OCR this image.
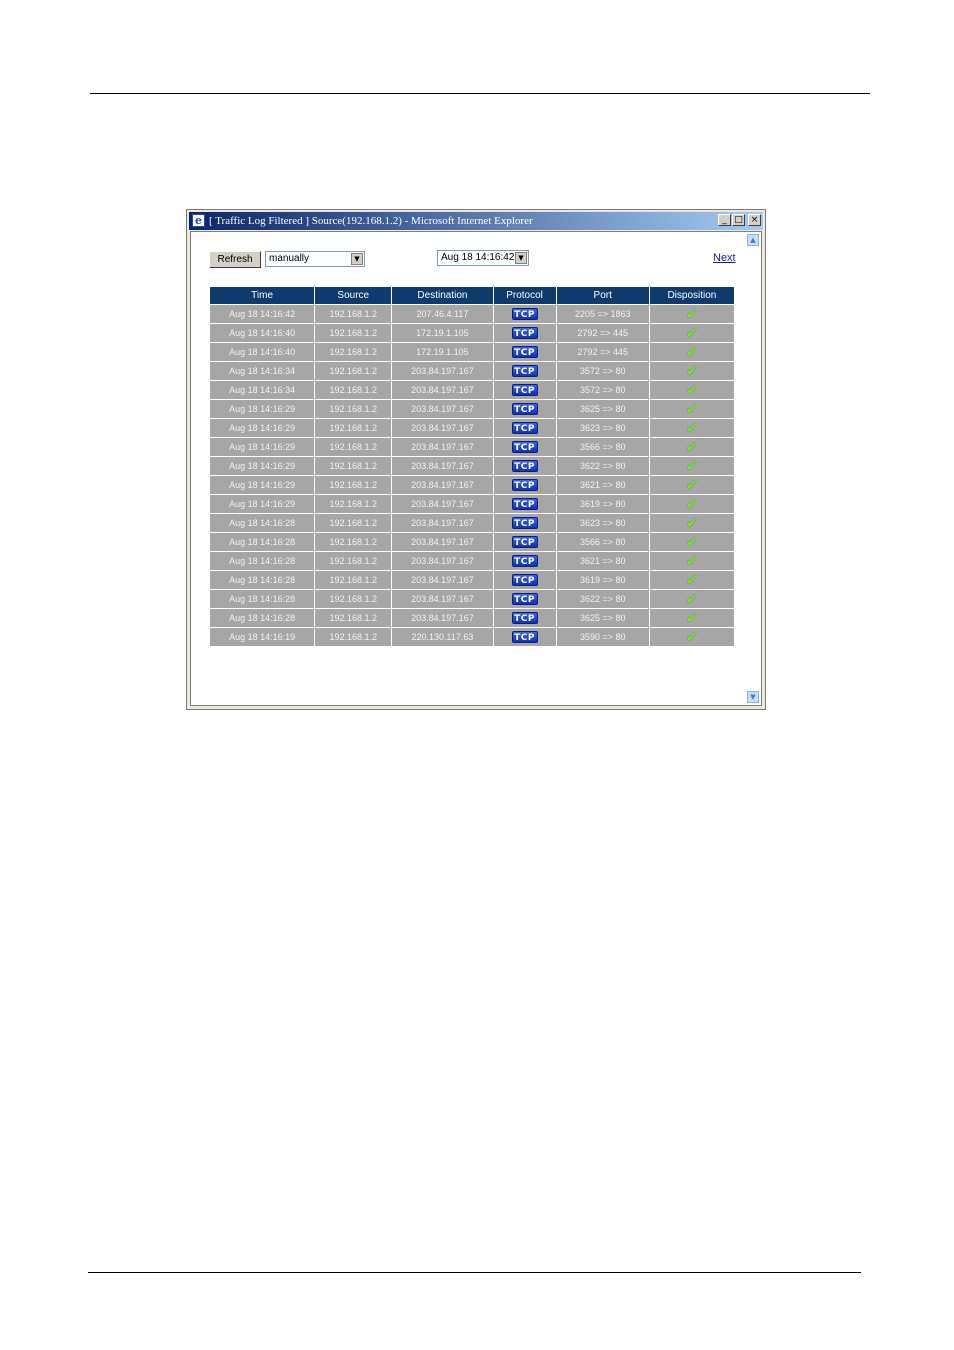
e [ Traffic Log Filtered ] Source(192.168.1.2) - Microsoft Internet Explorer	_ □ ×
Refresh	manually	▼	Aug 18 14:16:42 ▼	Next
Time	Source	Destination	Protocol	Port	Disposition
Aug 18 14:16:42	192.168.1.2	207.46.4.117	TCP	2205 => 1863	✔
Aug 18 14:16:40	192.168.1.2	172.19.1.105	TCP	2792 => 445	✔
Aug 18 14:16:40	192.168.1.2	172.19.1.105	TCP	2792 => 445	✔
Aug 18 14:16:34	192.168.1.2	203.84.197.167	TCP	3572 => 80	✔
Aug 18 14:16:34	192.168.1.2	203.84.197.167	TCP	3572 => 80	✔
Aug 18 14:16:29	192.168.1.2	203.84.197.167	TCP	3625 => 80	✔
Aug 18 14:16:29	192.168.1.2	203.84.197.167	TCP	3623 => 80	✔
Aug 18 14:16:29	192.168.1.2	203.84.197.167	TCP	3566 => 80	✔
Aug 18 14:16:29	192.168.1.2	203.84.197.167	TCP	3622 => 80	✔
Aug 18 14:16:29	192.168.1.2	203.84.197.167	TCP	3621 => 80	✔
Aug 18 14:16:29	192.168.1.2	203.84.197.167	TCP	3619 => 80	✔
Aug 18 14:16:28	192.168.1.2	203.84.197.167	TCP	3623 => 80	✔
Aug 18 14:16:28	192.168.1.2	203.84.197.167	TCP	3566 => 80	✔
Aug 18 14:16:28	192.168.1.2	203.84.197.167	TCP	3621 => 80	✔
Aug 18 14:16:28	192.168.1.2	203.84.197.167	TCP	3619 => 80	✔
Aug 18 14:16:28	192.168.1.2	203.84.197.167	TCP	3622 => 80	✔
Aug 18 14:16:28	192.168.1.2	203.84.197.167	TCP	3625 => 80	✔
Aug 18 14:16:19	192.168.1.2	220.130.117.63	TCP	3590 => 80	✔
▲
▼
